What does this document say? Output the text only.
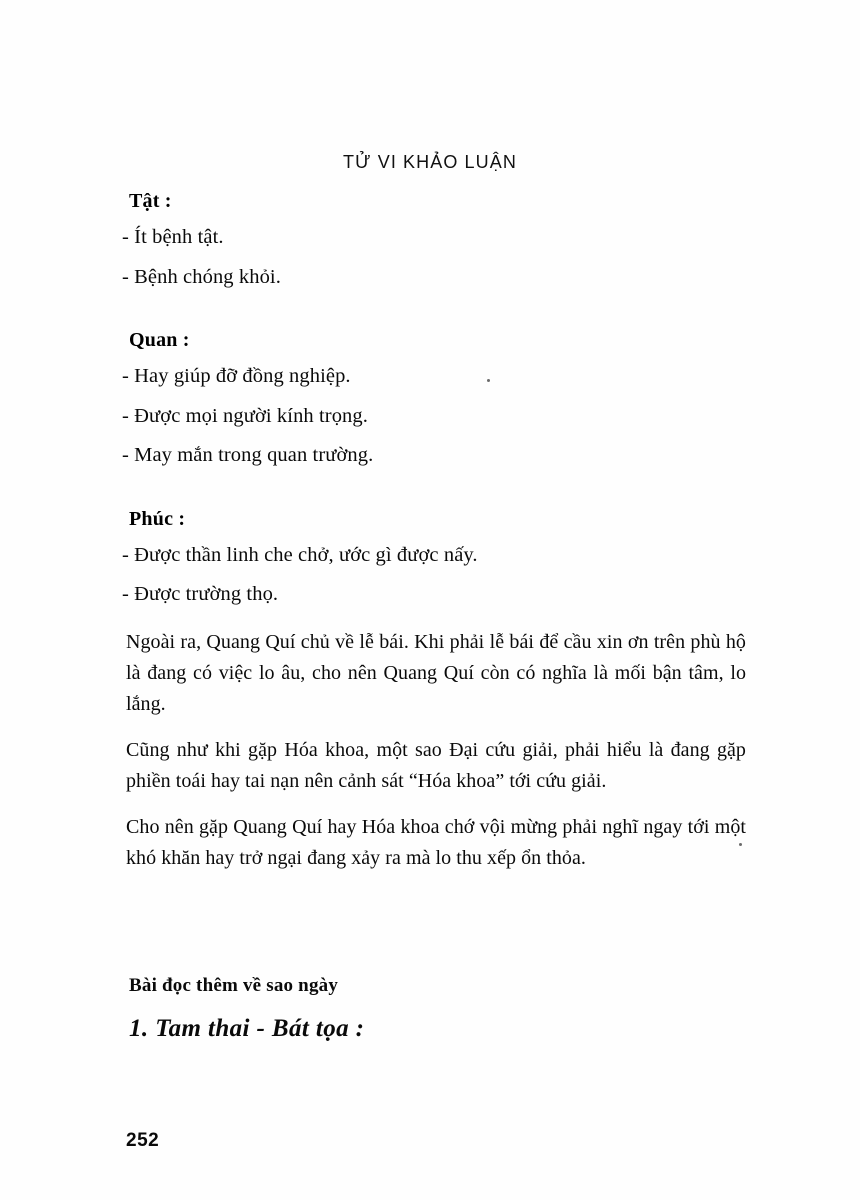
TỬ VI KHẢO LUẬN
Tật :
- Ít bệnh tật.
- Bệnh chóng khỏi.
Quan :
- Hay giúp đỡ đồng nghiệp.
- Được mọi người kính trọng.
- May mắn trong quan trường.
Phúc :
- Được thần linh che chở, ước gì được nấy.
- Được trường thọ.

Ngoài ra, Quang Quí chủ về lễ bái. Khi phải lễ bái để cầu xin ơn trên phù hộ là đang có việc lo âu, cho nên Quang Quí còn có nghĩa là mối bận tâm, lo lắng.

Cũng như khi gặp Hóa khoa, một sao Đại cứu giải, phải hiểu là đang gặp phiền toái hay tai nạn nên cảnh sát “Hóa khoa” tới cứu giải.

Cho nên gặp Quang Quí hay Hóa khoa chớ vội mừng phải nghĩ ngay tới một khó khăn hay trở ngại đang xảy ra mà lo thu xếp ổn thỏa.

Bài đọc thêm về sao ngày
1. Tam thai - Bát tọa :
252
